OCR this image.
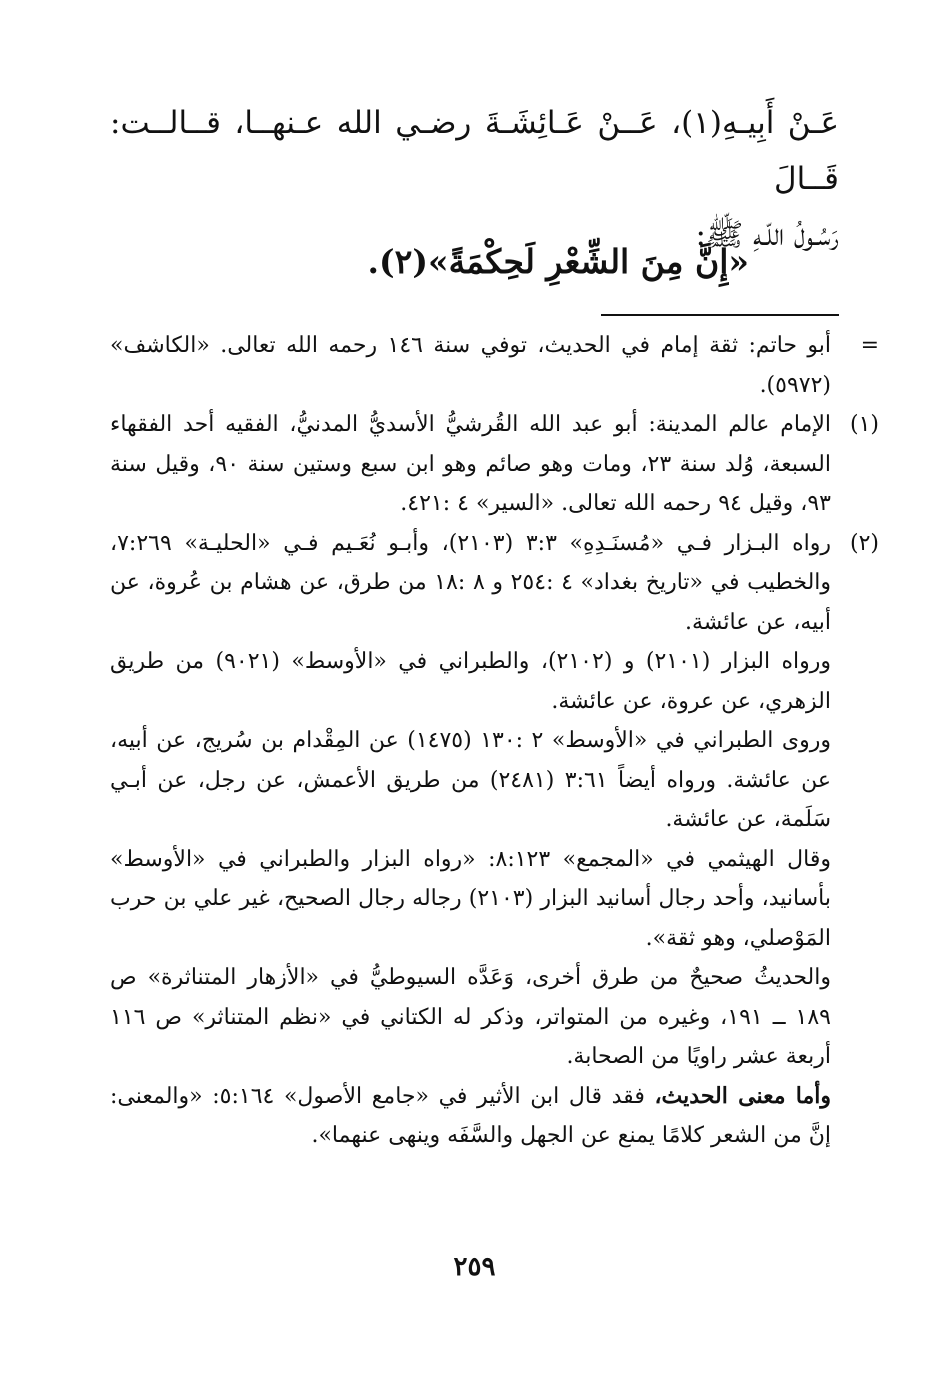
عَـنْ أَبِيـهِ(١)، عَــنْ عَـائِشَـةَ رضـي الله عـنهــا، قــالــت: قَــالَ

رَسُـولُ اللّـهِ ﷺ:

«إِنَّ مِنَ الشِّعْرِ لَحِكْمَةً»(٢).
=
أبو حاتم: ثقة إمام في الحديث، توفي سنة ١٤٦ رحمه الله تعالى. «الكاشف» (٥٩٧٢).
(١)
الإمام عالم المدينة: أبو عبد الله القُرشيُّ الأسديُّ المدنيُّ، الفقيه أحد الفقهاء السبعة، وُلد سنة ٢٣، ومات وهو صائم وهو ابن سبع وستين سنة ٩٠، وقيل سنة ٩٣، وقيل ٩٤ رحمه الله تعالى. «السير» ٤ :٤٢١.
(٢)
رواه البـزار فـي «مُسنَـدِهِ» ٣:٣ (٢١٠٣)، وأبـو نُعَـيم فـي «الحليـة» ٧:٢٦٩، والخطيب في «تاريخ بغداد» ٤ :٢٥٤ و ٨ :١٨ من طرق، عن هشام بن عُروة، عن أبيه، عن عائشة.
ورواه البزار (٢١٠١) و (٢١٠٢)، والطبراني في «الأوسط» (٩٠٢١) من طريق الزهري، عن عروة، عن عائشة.
وروى الطبراني في «الأوسط» ٢ :١٣٠ (١٤٧٥) عن المِقْدام بن سُريج، عن أبيه، عن عائشة. ورواه أيضاً ٣:٦١ (٢٤٨١) من طريق الأعمش، عن رجل، عن أبـي سَلَمة، عن عائشة.
وقال الهيثمي في «المجمع» ٨:١٢٣: «رواه البزار والطبراني في «الأوسط» بأسانيد، وأحد رجال أسانيد البزار (٢١٠٣) رجاله رجال الصحيح، غير علي بن حرب المَوْصلي، وهو ثقة».
والحديثُ صحيحٌ من طرق أخرى، وَعَدَّه السيوطيُّ في «الأزهار المتناثرة» ص ١٨٩ ــ ١٩١، وغيره من المتواتر، وذكر له الكتاني في «نظم المتناثر» ص ١١٦ أربعة عشر راويًا من الصحابة.
وأما معنى الحديث، فقد قال ابن الأثير في «جامع الأصول» ٥:١٦٤: «والمعنى: إنَّ من الشعر كلامًا يمنع عن الجهل والسَّفَه وينهى عنهما».
٢٥٩
